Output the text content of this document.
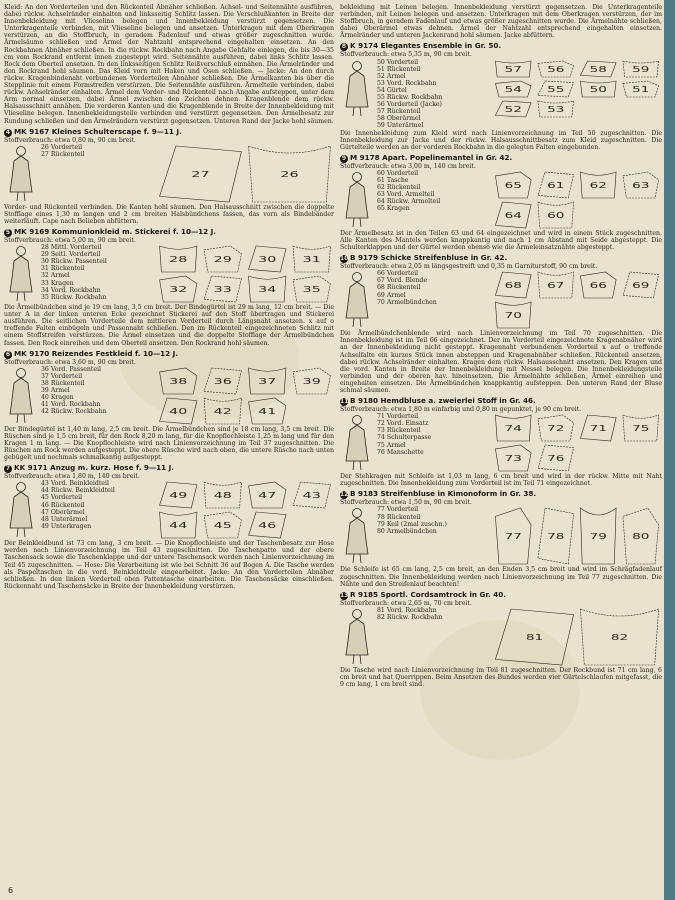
Kleid: An den Vorderteilen und den Rückenteil Abnäher schließen. Achsel- und Seitennähte ausführen, dabei rückw. Achselränder einhalten und linksseitig Schlitz lassen. Die Verschlußkanten in Breite der Innenbekleidung mit Vlieseline belegen und Innenbekleidung verstürzt gegensetzen. Die Unterkragenteile verbinden, mit Vlieseline belegen und ansetzen. Unterkragen mit dem Oberkragen verstürzen, an die Stoffbruch, in geradem Fadenlauf und etwas größer zugeschnitten wurde. Ärmelsäume schließen und Ärmel der Nahtzahl entsprechend eingehalten einsetzen. An den Rockbahnen Abnäher schließen. In die rückw. Rockbahn nach Angabe Gehfalte einlegen, die bis 30—35 cm vom Rockrand entfernt innen zugesteppt wird. Seitennähte ausführen, dabei links Schlitz lassen. Rock dem Oberteil ansetzen. In den linksseitigen Schlitz Reißverschluß einnähen. Die Ärmelränder und den Rockrand hohl säumen. Das Kleid vorn mit Haken und Ösen schließen. — Jacke: An den durch rückw. Kragenbindenaht verbundenen Vorderteilen Abnäher schließen. Die Ärmelkanten bis über die Stepplinie mit einem Formstreifen verstürzen. Die Seitennähte ausführen. Ärmelteile verbinden, dabei rückw. Achselränder einhalten. Ärmel dem Vorder- und Rückenteil nach Angabe aufsteppen, unter dem Arm normal einsetzen, dabei Ärmel zwischen den Zeichen dehnen. Kragenblende dem rückw. Halsausschnitt annähen. Die vorderen Kanten und die Kragenblende in Breite der Innenbekleidung mit Vlieseline belegen. Innenbekleidungsteile verbinden und verstürzt gegensetzen. Den Ärmelbesatz zur Rundung schließen und den Ärmelrändern verstürzt gegensetzen. Unteren Rand der Jacke hohl säumen.

4 MK 9167 Kleines Schulterscape f. 9—11 J.

Stoffverbrauch: etwa 0,80 m, 90 cm breit.

26 Vorderteil
27 Rückenteil
27	26

Vorder- und Rückenteil verbinden. Die Kanten hohl säumen. Den Halsausschnitt zwischen die doppelte Stofflage eines 1,30 m langen und 2 cm breiten Halsbündchens fassen, das vorn als Bindebänder weiterläuft. Cape nach Belieben abfüttern.

5 MK 9169 Kommunionkleid m. Stickerei f. 10—12 J.

Stoffverbrauch: etwa 5,00 m, 90 cm breit.

28 Mittl. Vorderteil
29 Seitl. Vorderteil
30 Rückw. Passenteil
31 Rückenteil
32 Ärmel
33 Kragen
34 Vord. Rockbahn
35 Rückw. Rockbahn
28	29	30	31
32	33	34	35

Die Ärmelbündchen sind je 19 cm lang, 3,5 cm breit. Der Bindegürtel ist 29 m lang, 12 cm breit. — Die unter A in der linken unteren Ecke gezeichnet Stickerei auf den Stoff übertragen und Stickerei ausführen. Die seitlichen Vorderteile dem mittleren Vorderteil durch Längsnaht ansetzen. x auf o treffende Falten einbügeln und Passennaht schließen. Den im Rückenteil eingezeichneten Schlitz mit einem Stoffstreifen verstürzen. Die Ärmel einsetzen und die doppelte Stofflage der Ärmelbündchen fassen. Den Rock einreihen und dem Oberteil ansetzen. Den Rockrand hohl säumen.

6 MK 9170 Reizendes Festkleid f. 10—12 J.

Stoffverbrauch: etwa 3,60 m, 90 cm breit.

36 Vord. Passenteil
37 Vorderteil
38 Rückenteil
39 Ärmel
40 Kragen
41 Vord. Rockbahn
42 Rückw. Rockbahn
38	36	37	39
40	42	41

Der Bindegürtel ist 1,40 m lang, 2,5 cm breit. Die Ärmelbündchen sind je 18 cm lang, 3,5 cm breit. Die Rüschen sind je 1,5 cm breit, für den Rock 8,20 m lang, für die Knopflochleiste 1,25 m lang und für den Kragen 1 m lang. — Die Knopflochleiste wird nach Linienvorzeichnung im Teil 37 zugeschnitten. Die Rüschen am Rock werden aufgesteppt. Die obere Rüsche wird nach oben, die untere Rüsche nach unten gebügelt und nochmals schmalkantig aufgesteppt.

7 KK 9171 Anzug m. kurz. Hose f. 9—11 J.

Stoffverbrauch: etwa 1,80 m, 140 cm breit.

43 Vord. Beinkleidteil
44 Rückw. Beinkleidteil
45 Vorderteil
46 Rückenteil
47 Oberärmel
48 Unterärmel
49 Unterkragen
49	48	47	43
44	45	46

Der Beinkleidbund ist 73 cm lang, 3 cm breit. — Die Knopflochleiste und der Taschenbesatz zur Hose werden nach Linienvorzeichnung im Teil 43 zugeschnitten. Die Taschenpatte und der obere Taschensack sowie die Taschenklappe und der untere Taschensack werden nach Linienvorzeichnung im Teil 45 zugeschnitten. — Hose: Die Verarbeitung ist wie bei Schnitt 36 auf Bogen A. Die Tasche werden als Paspeltaschen in die vord. Beinkleidteile eingearbeitet. Jacke: An den Vorderteilen Abnäher schließen. In den linken Vorderteil oben Pattentasche einarbeiten. Die Taschensäcke einschließen. Rückennaht und Taschensäcke in Breite der Innenbekleidung verstürzen.

bekleidung mit Leinen belegen. Innenbekleidung verstürzt gegensetzen. Die Unterkragenteile verbinden, mit Leinen belegen und ansetzen. Unterkragen mit dem Oberkragen verstürzen, der im Stoffbruch, in geradem Fadenlauf und etwas größer zugeschnitten wurde. Die Ärmelnähte schließen, dabei Oberärmel etwas dehnen. Ärmel der Nahtzahl entsprechend eingehalten einsetzen. Ärmelränder und unteren Jackenrand hohl säumen. Jacke abfüttern.

8 K 9174 Elegantes Ensemble in Gr. 50.

Stoffverbrauch: etwa 5,35 m, 90 cm breit.

50 Vorderteil
51 Rückenteil
52 Ärmel
53 Vord. Rockbahn
54 Gürtel
55 Rückw. Rockbahn
56 Vorderteil (Jacke)
57 Rückenteil
58 Oberärmel
59 Unterärmel
57	56	58	59
54	55	50	51
52	53

Die Innenbekleidung zum Kleid wird nach Linienvorzeichnung im Teil 50 zugeschnitten. Die Innenbekleidung zur Jacke und der rückw. Halsausschnittbesatz zum Kleid zugeschnitten. Die Gürtelteile werden an der vorderen Rockbahn in die gelegten Falten eingebunden.

9 M 9178 Apart. Popelinemantel in Gr. 42.

Stoffverbrauch: etwa 3,00 m, 140 cm breit.

60 Vorderteil
61 Tasche
62 Rückenteil
63 Vord. Ärmelteil
64 Rückw. Ärmelteil
65 Kragen
65	61	62	63
64	60

Der Ärmelbesatz ist in den Teilen 63 und 64 eingezeichnet und wird in einem Stück zugeschnitten. Alle Kanten des Mantels werden knappkantig und nach 1 cm Abstand mit Seide abgesteppt. Die Schulterklappen und der Gürtel werden ebenso wie die Ärmeleinsatznähte abgesteppt.

10 B 9179 Schicke Streifenbluse in Gr. 42.

Stoffverbrauch: etwa 2,05 m längsgestreift und 0,35 m Garniturstoff, 90 cm breit.

66 Vorderteil
67 Vord. Blende
68 Rückenteil
69 Ärmel
70 Ärmelbündchen
68	67	66	69
70

Die Ärmelbündchenblende wird nach Linienvorzeichnung im Teil 70 zugeschnitten. Die Innenbekleidung ist im Teil 66 eingezeichnet. Der im Vorderteil eingezeichnete Kragenabnäher wird an der Innenbekleidung nicht gesteppt. Kragennaht verbundenen Vorderteil x auf o treffende Achselfalte ein kurzes Stück innen absteppen und Kragenabnäher schließen. Rückenteil ansetzen, dabei rückw. Achselränder einhalten. Kragen dem rückw. Halsausschnitt ansetzen. Den Kragen und die vord. Kanten in Breite der Innenbekleidung mit Nessel belegen. Die Innenbekleidungsteile verbinden und der oberen hav. hineinsetzen. Die Ärmelnähte schließen, Ärmel einreihen und eingehalten einsetzen. Die Ärmelbündchen knappkantig aufsteppen. Den unteren Rand der Bluse schmal säumen.

11 B 9180 Hemdbluse a. zweierlei Stoff in Gr. 46.

Stoffverbrauch: etwa 1,80 m einfarbig und 0,80 m gepunktet, je 90 cm breit.

71 Vorderteil
72 Vord. Einsatz
73 Rückenteil
74 Schulterpasse
75 Ärmel
76 Manschette
74	72	71	75
73	76

Der Stehkragen mit Schleife ist 1,03 m lang, 6 cm breit und wird in der rückw. Mitte mit Naht zugeschnitten. Die Innenbekleidung zum Vorderteil ist im Teil 71 eingezeichnet.

12 B 9183 Streifenbluse in Kimonoform in Gr. 38.

Stoffverbrauch: etwa 1,50 m, 90 cm breit.

77 Vorderteil
78 Rückenteil
79 Keil (2mal zuschn.)
80 Ärmelbündchen
77	78	79	80

Die Schleife ist 65 cm lang, 2,5 cm breit, an den Enden 3,5 cm breit und wird im Schrägfadenlauf zugeschnitten. Die Innenbekleidung werden nach Linienvorzeichnung im Teil 77 zugeschnitten. Die Nähte und den Streifenlauf beachten!

13 R 9185 Sportl. Cordsamtrock in Gr. 40.

Stoffverbrauch: etwa 2,65 m, 70 cm breit.

81 Vord. Rockbahn
82 Rückw. Rockbahn
81	82

Die Tasche wird nach Linienvorzeichnung im Teil 81 zugeschnitten. Der Rockbund ist 71 cm lang, 6 cm breit und hat Querrippen. Beim Ansetzen des Bundes werden vier Gürtelschlaufen mitgefasst, die 9 cm lang, 1 cm breit sind.

6
